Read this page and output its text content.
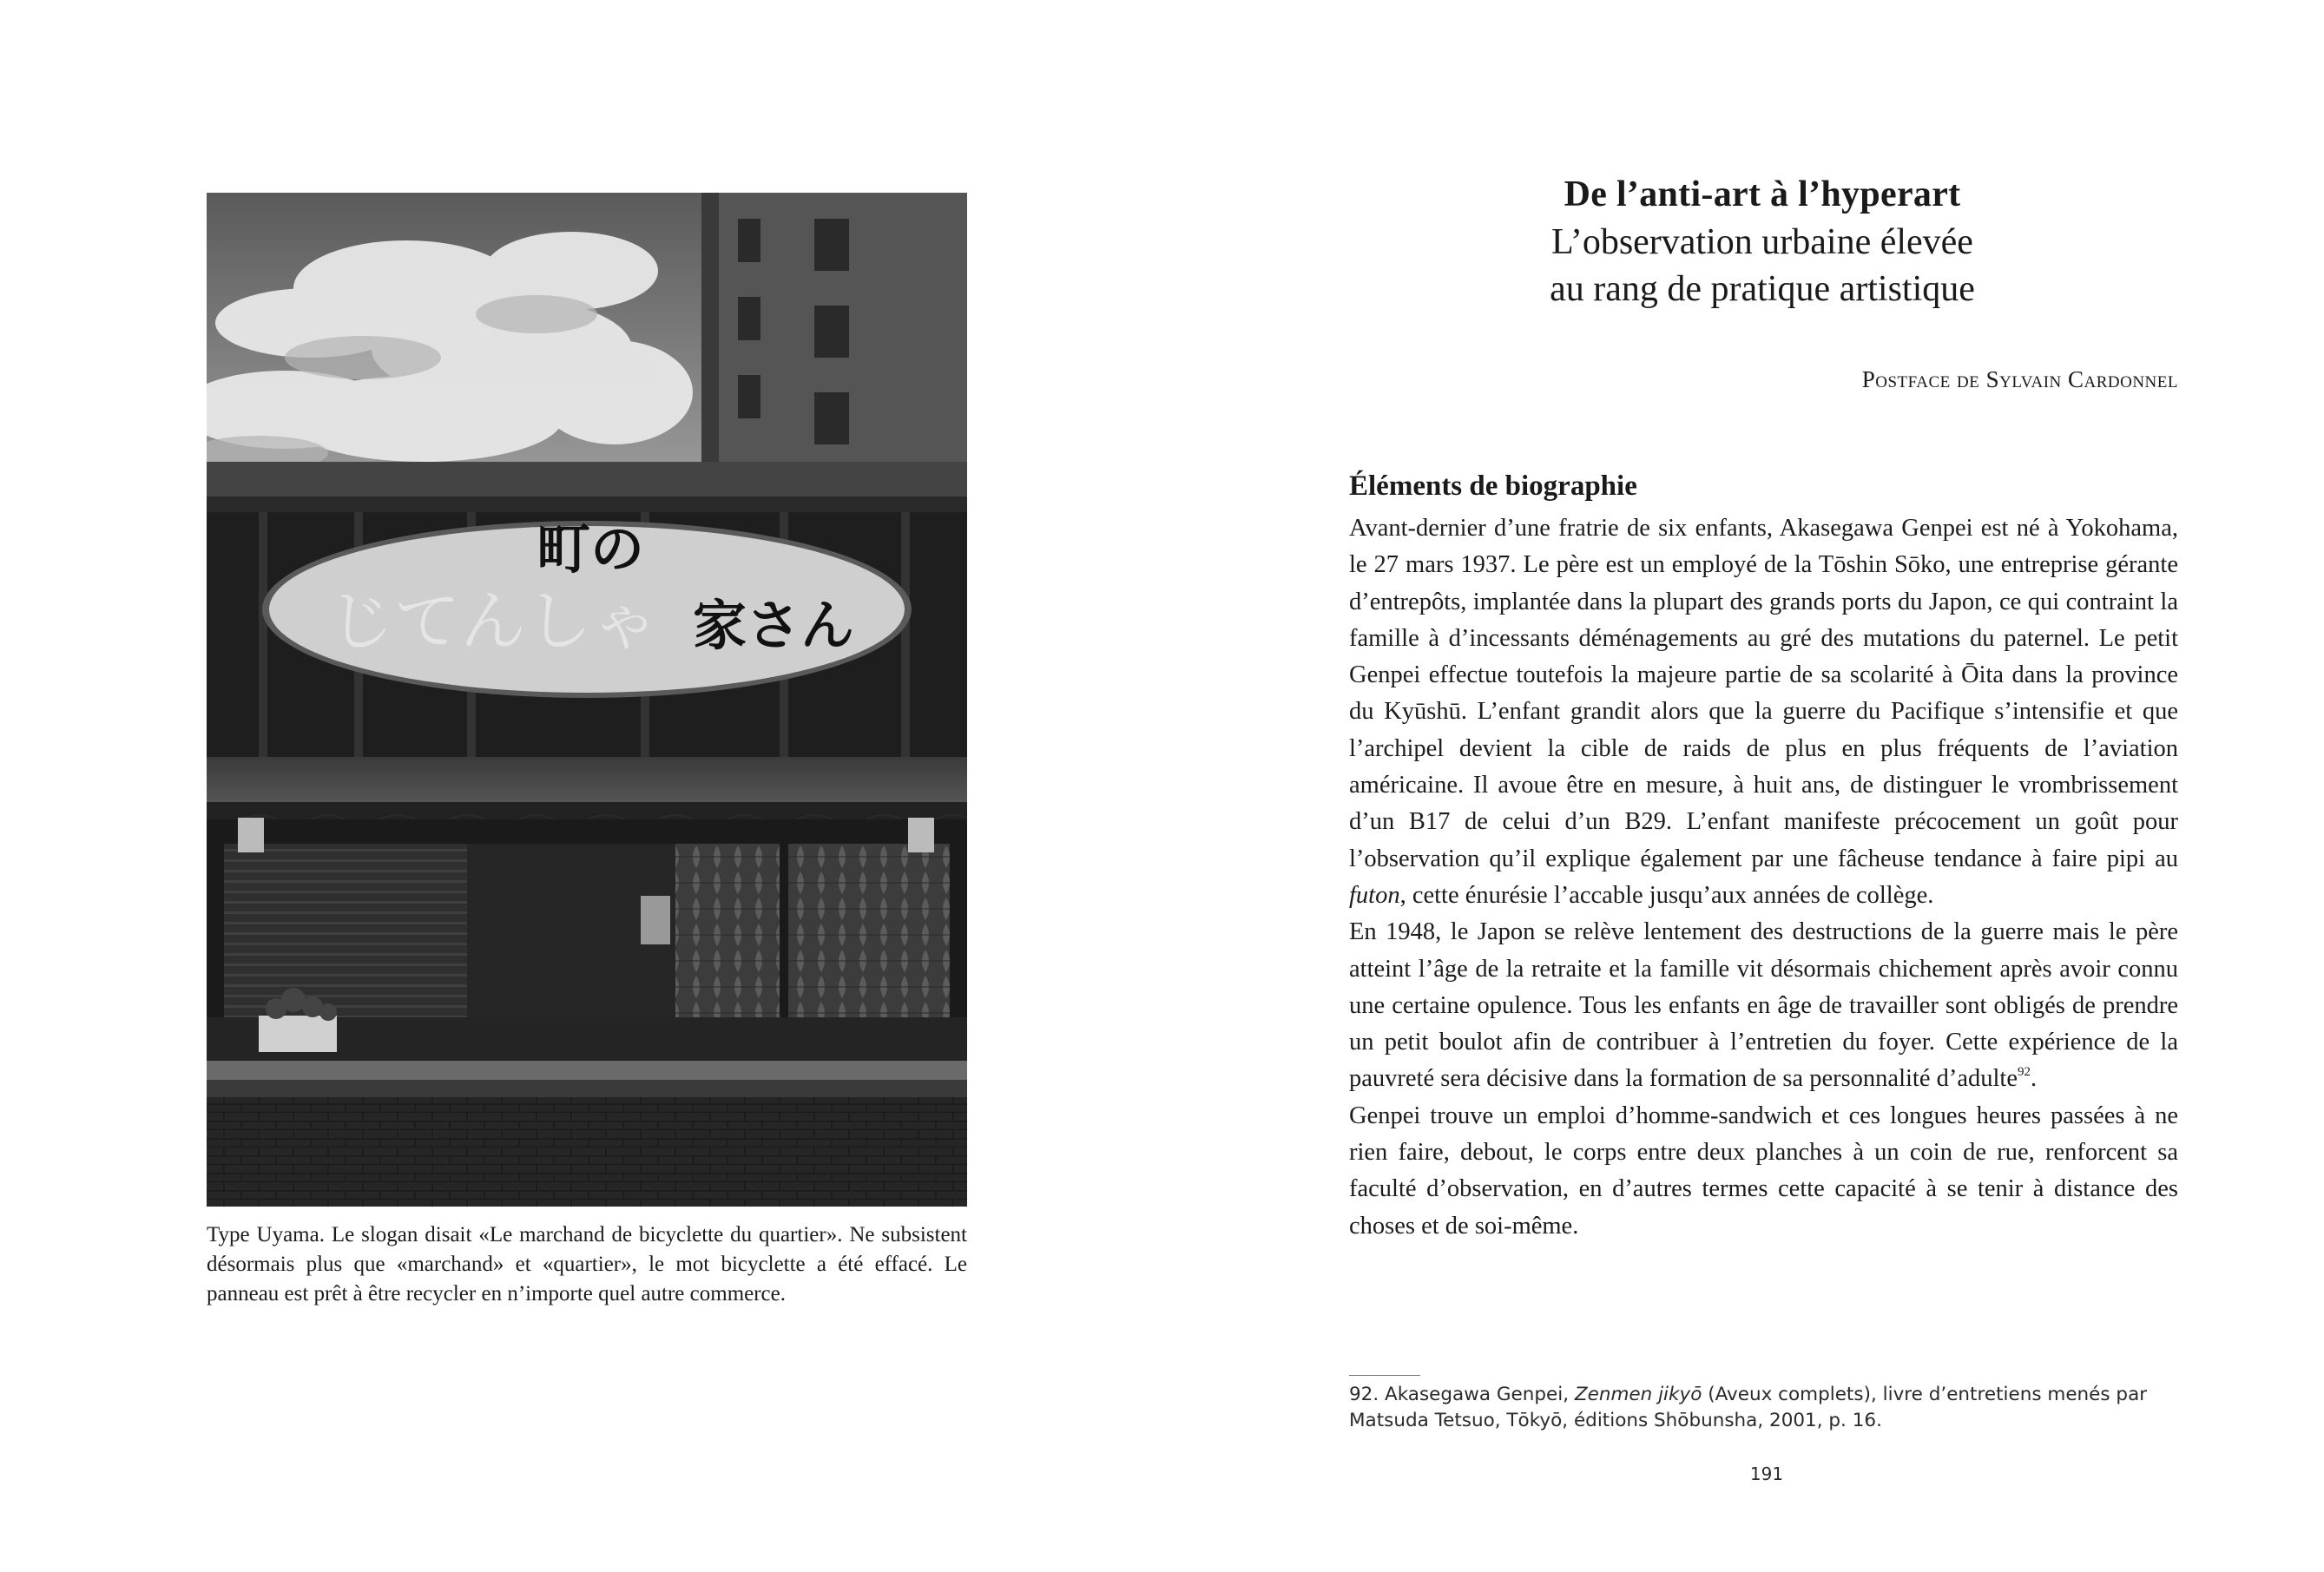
じてんしゃ
町の
家さん
Type Uyama. Le slogan disait «Le marchand de bicyclette du quartier». Ne subsistent désormais plus que «marchand» et «quartier», le mot bicyclette a été effacé. Le panneau est prêt à être recycler en n’importe quel autre commerce.
De l’anti-art à l’hyperart
L’observation urbaine élevée
au rang de pratique artistique
Postface de Sylvain Cardonnel
Éléments de biographie

Avant-dernier d’une fratrie de six enfants, Akasegawa Genpei est né à Yokohama, le 27 mars 1937. Le père est un employé de la Tōshin Sōko, une entreprise gérante d’entrepôts, implantée dans la plupart des grands ports du Japon, ce qui contraint la famille à d’incessants déménagements au gré des mutations du paternel. Le petit Genpei effectue toutefois la majeure partie de sa scolarité à Ōita dans la province du Kyūshū. L’enfant grandit alors que la guerre du Pacifique s’intensifie et que l’archipel devient la cible de raids de plus en plus fréquents de l’aviation américaine. Il avoue être en mesure, à huit ans, de distinguer le vrombrissement d’un B17 de celui d’un B29. L’enfant manifeste précocement un goût pour l’observation qu’il explique également par une fâcheuse tendance à faire pipi au futon, cette énurésie l’accable jusqu’aux années de collège.

En 1948, le Japon se relève lentement des destructions de la guerre mais le père atteint l’âge de la retraite et la famille vit désormais chichement après avoir connu une certaine opulence. Tous les enfants en âge de travailler sont obligés de prendre un petit boulot afin de contribuer à l’entretien du foyer. Cette expérience de la pauvreté sera décisive dans la formation de sa personnalité d’adulte$^{92}$.

Genpei trouve un emploi d’homme-sandwich et ces longues heures passées à ne rien faire, debout, le corps entre deux planches à un coin de rue, renforcent sa faculté d’observation, en d’autres termes cette capacité à se tenir à distance des choses et de soi-même.

92. Akasegawa Genpei, Zenmen jikyō (Aveux complets), livre d’entretiens menés par Matsuda Tetsuo, Tōkyō, éditions Shōbunsha, 2001, p. 16.
191
